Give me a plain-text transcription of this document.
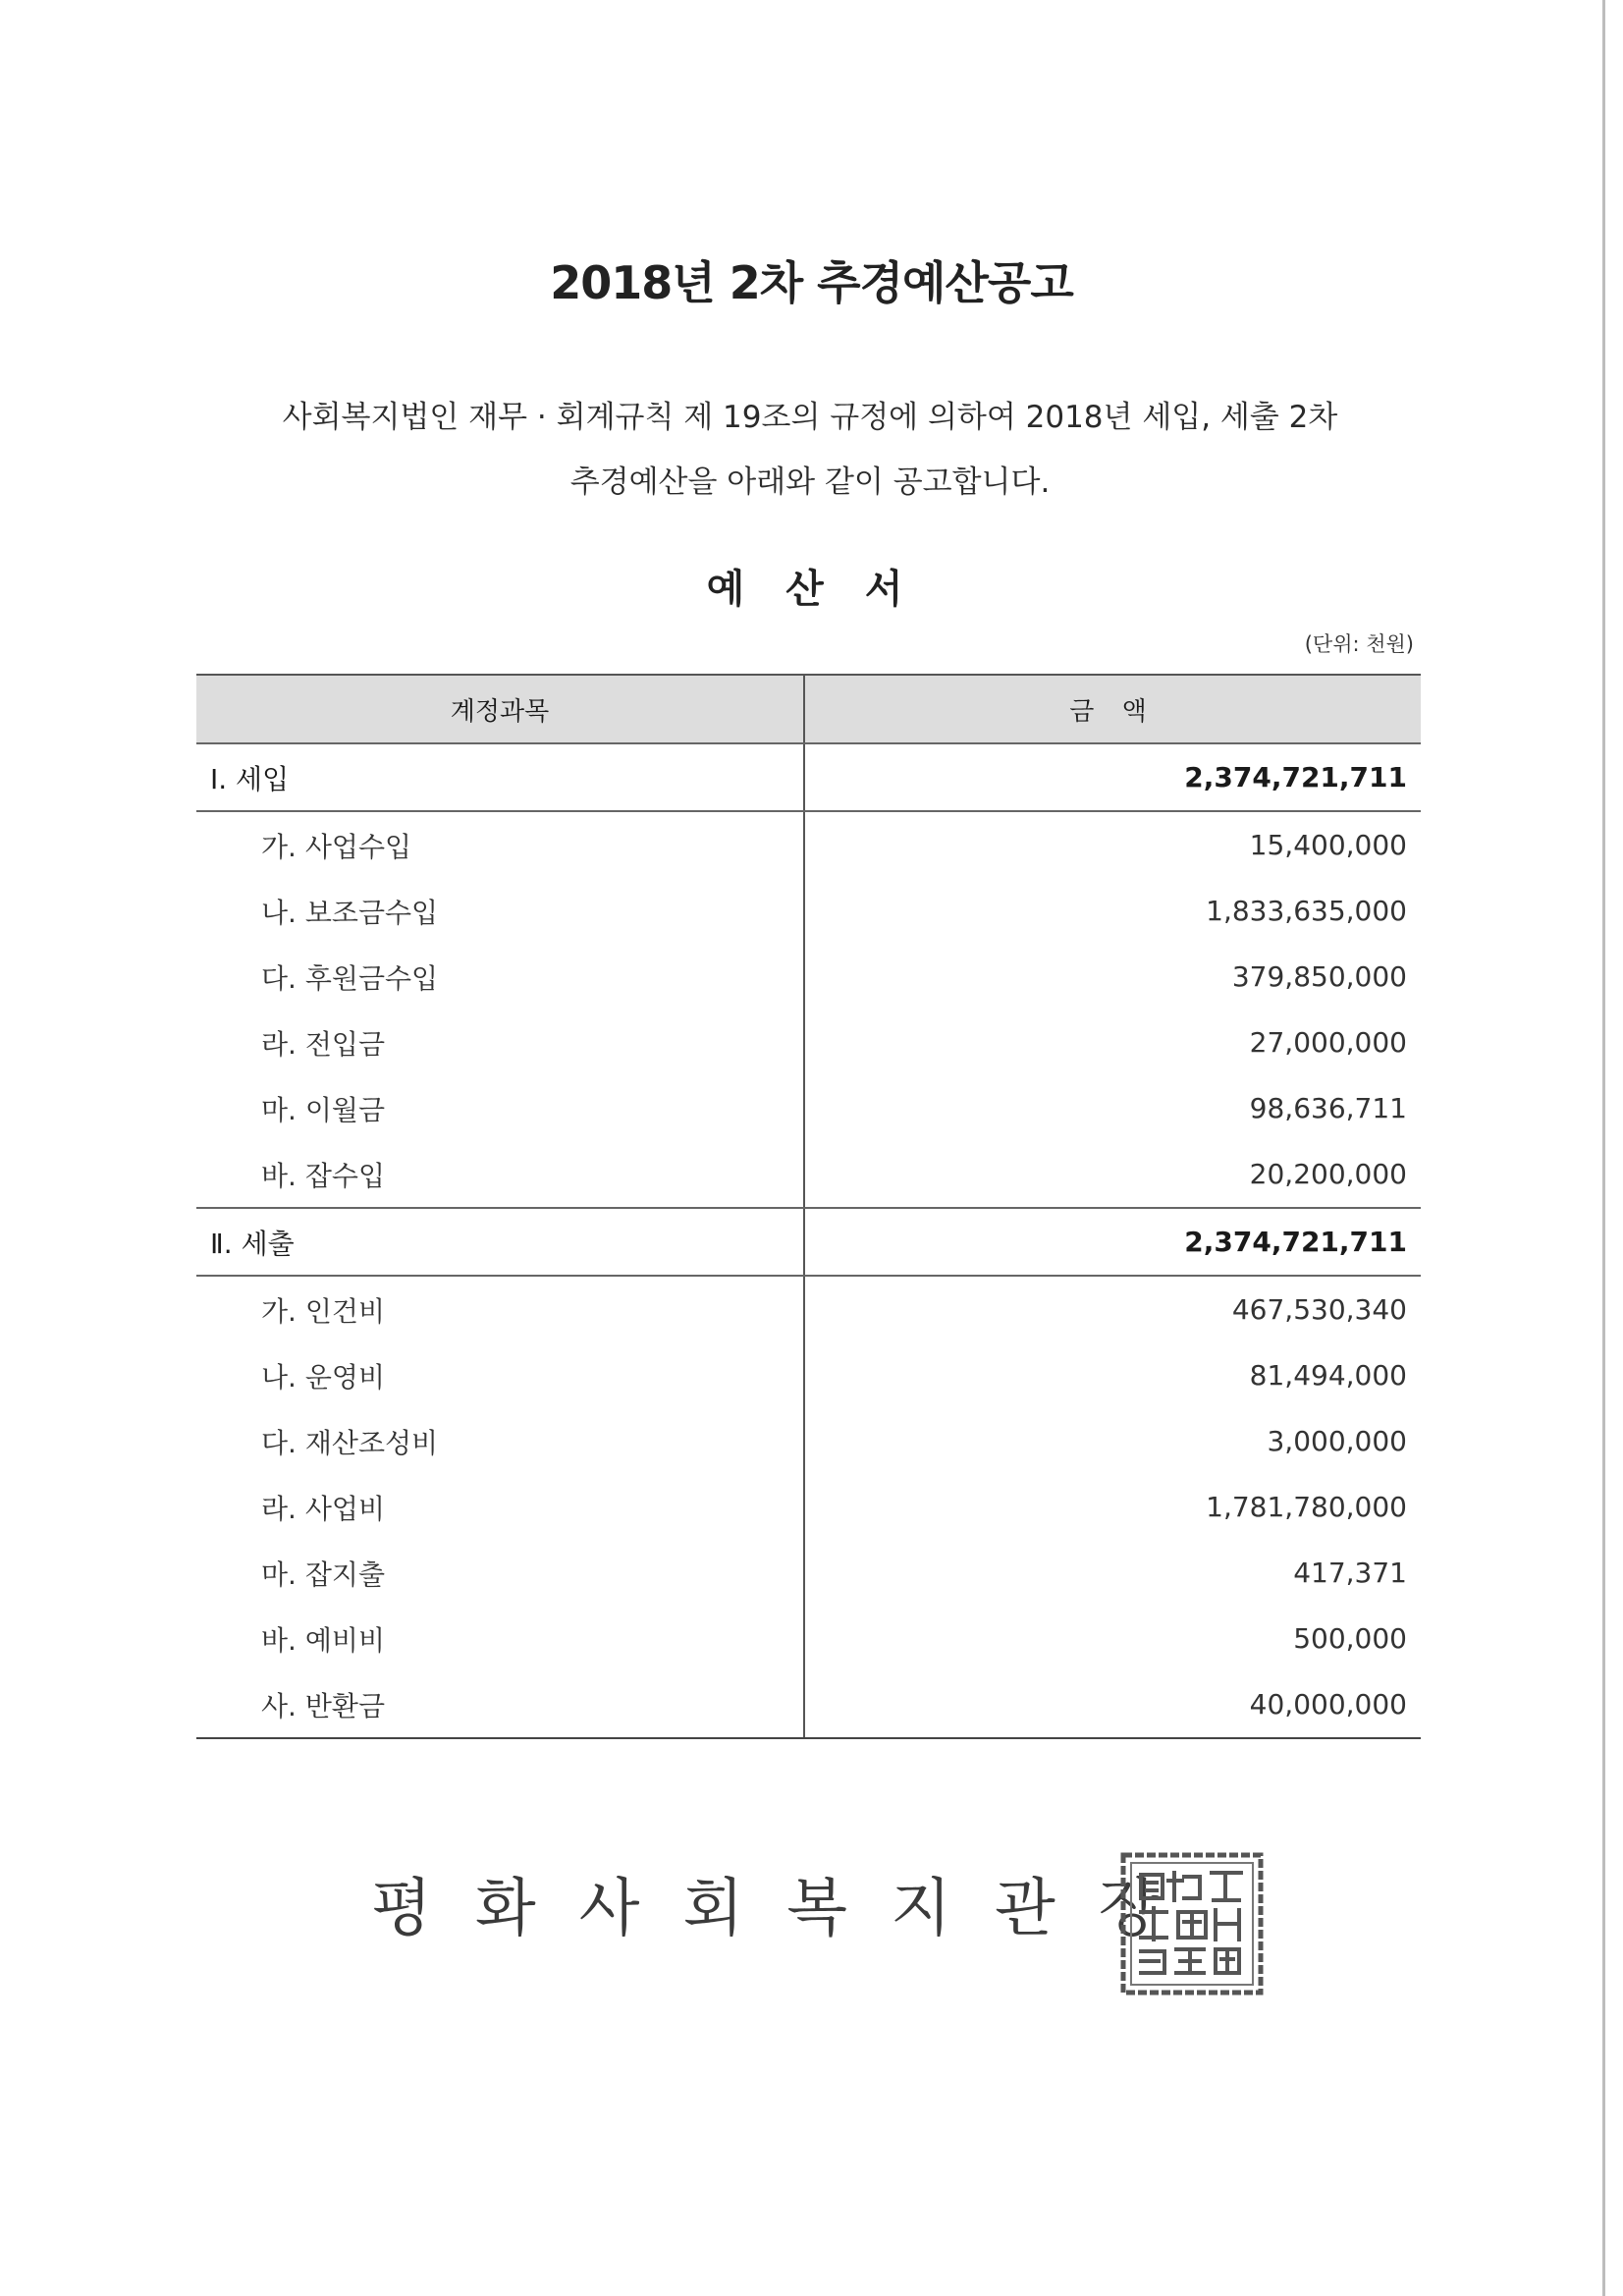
2018년 2차 추경예산공고
사회복지법인 재무 · 회계규칙 제 19조의 규정에 의하여 2018년 세입, 세출 2차
추경예산을 아래와 같이 공고합니다.
예 산 서
(단위: 천원)
계정과목	금 액
Ⅰ. 세입	2,374,721,711
가. 사업수입	15,400,000
나. 보조금수입	1,833,635,000
다. 후원금수입	379,850,000
라. 전입금	27,000,000
마. 이월금	98,636,711
바. 잡수입	20,200,000
Ⅱ. 세출	2,374,721,711
가. 인건비	467,530,340
나. 운영비	81,494,000
다. 재산조성비	3,000,000
라. 사업비	1,781,780,000
마. 잡지출	417,371
바. 예비비	500,000
사. 반환금	40,000,000
평화사회복지관장
